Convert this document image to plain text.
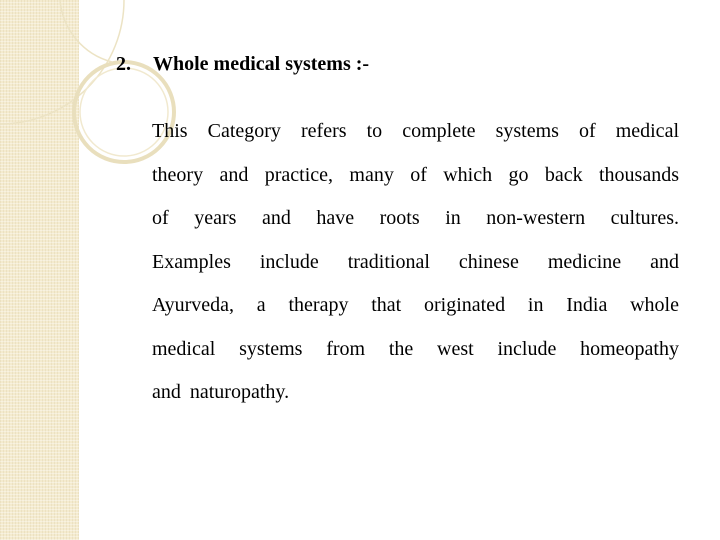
2. Whole medical systems :-
This Category refers to complete systems of medical
theory and practice, many of which go back thousands
of years and have roots in non-western cultures.
Examples include traditional chinese medicine and
Ayurveda, a therapy that originated in India whole
medical systems from the west include homeopathy
and naturopathy.
